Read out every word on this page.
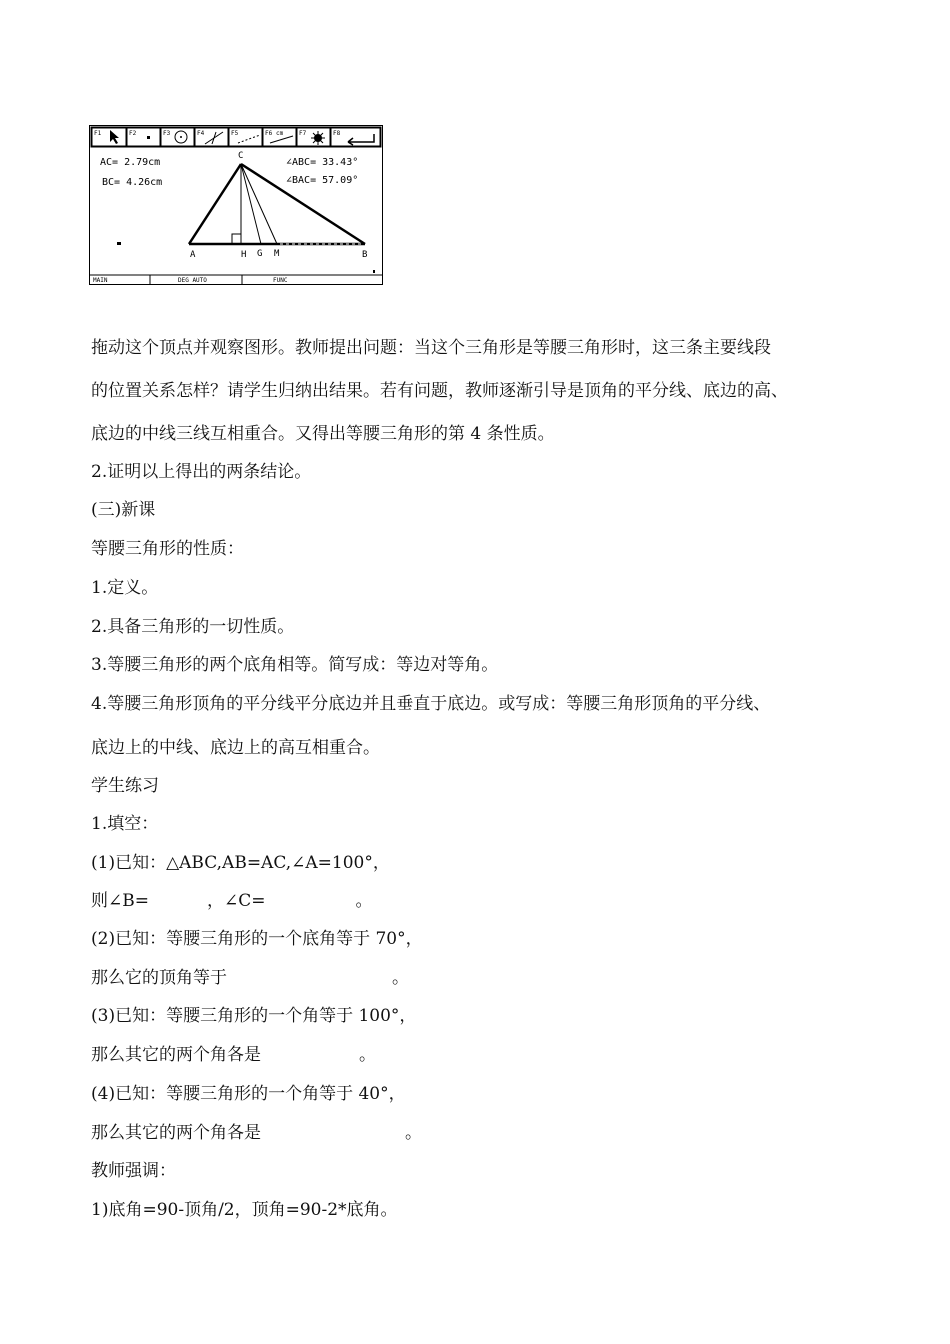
F1	F2	F3	F4	F5	F6 cm	F7	F8
AC= 2.79cm
BC= 4.26cm
∠ABC= 33.43°
∠BAC= 57.09°
C
A	H G M	B
MAIN	DEG AUTO	FUNC
拖动这个顶点并观察图形。教师提出问题：当这个三角形是等腰三角形时，这三条主要线段
的位置关系怎样？请学生归纳出结果。若有问题，教师逐渐引导是顶角的平分线、底边的高、
底边的中线三线互相重合。又得出等腰三角形的第 4 条性质。
2.证明以上得出的两条结论。
(三)新课
等腰三角形的性质：
1.定义。
2.具备三角形的一切性质。
3.等腰三角形的两个底角相等。简写成：等边对等角。
4.等腰三角形顶角的平分线平分底边并且垂直于底边。或写成：等腰三角形顶角的平分线、
底边上的中线、底边上的高互相重合。
学生练习
1.填空：
(1)已知：△ABC,AB=AC,∠A=100°，
则∠B=	，∠C=	。
(2)已知：等腰三角形的一个底角等于 70°，
那么它的顶角等于	。
(3)已知：等腰三角形的一个角等于 100°，
那么其它的两个角各是	。
(4)已知：等腰三角形的一个角等于 40°，
那么其它的两个角各是	。
教师强调：
1)底角=90-顶角/2，顶角=90-2*底角。
